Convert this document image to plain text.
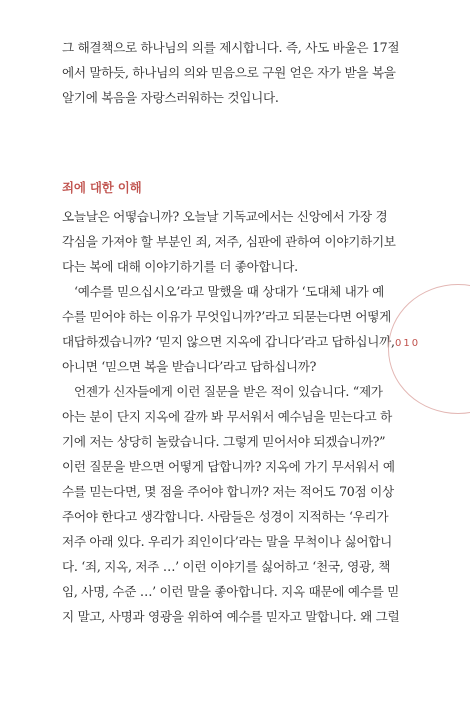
그 해결책으로 하나님의 의를 제시합니다. 즉, 사도 바울은 17절
에서 말하듯, 하나님의 의와 믿음으로 구원 얻은 자가 받을 복을
알기에 복음을 자랑스러워하는 것입니다.
죄에 대한 이해
오늘날은 어떻습니까? 오늘날 기독교에서는 신앙에서 가장 경
각심을 가져야 할 부분인 죄, 저주, 심판에 관하여 이야기하기보
다는 복에 대해 이야기하기를 더 좋아합니다.
‘예수를 믿으십시오’라고 말했을 때 상대가 ‘도대체 내가 예
수를 믿어야 하는 이유가 무엇입니까?’라고 되묻는다면 어떻게
대답하겠습니까? ‘믿지 않으면 지옥에 갑니다’라고 답하십니까,
아니면 ‘믿으면 복을 받습니다’라고 답하십니까?
언젠가 신자들에게 이런 질문을 받은 적이 있습니다. “제가
아는 분이 단지 지옥에 갈까 봐 무서워서 예수님을 믿는다고 하
기에 저는 상당히 놀랐습니다. 그렇게 믿어서야 되겠습니까?”
이런 질문을 받으면 어떻게 답합니까? 지옥에 가기 무서워서 예
수를 믿는다면, 몇 점을 주어야 합니까? 저는 적어도 70점 이상
주어야 한다고 생각합니다. 사람들은 성경이 지적하는 ‘우리가
저주 아래 있다. 우리가 죄인이다’라는 말을 무척이나 싫어합니
다. ‘죄, 지옥, 저주 …’ 이런 이야기를 싫어하고 ‘천국, 영광, 책
임, 사명, 수준 …’ 이런 말을 좋아합니다. 지옥 때문에 예수를 믿
지 말고, 사명과 영광을 위하여 예수를 믿자고 말합니다. 왜 그럴
010
